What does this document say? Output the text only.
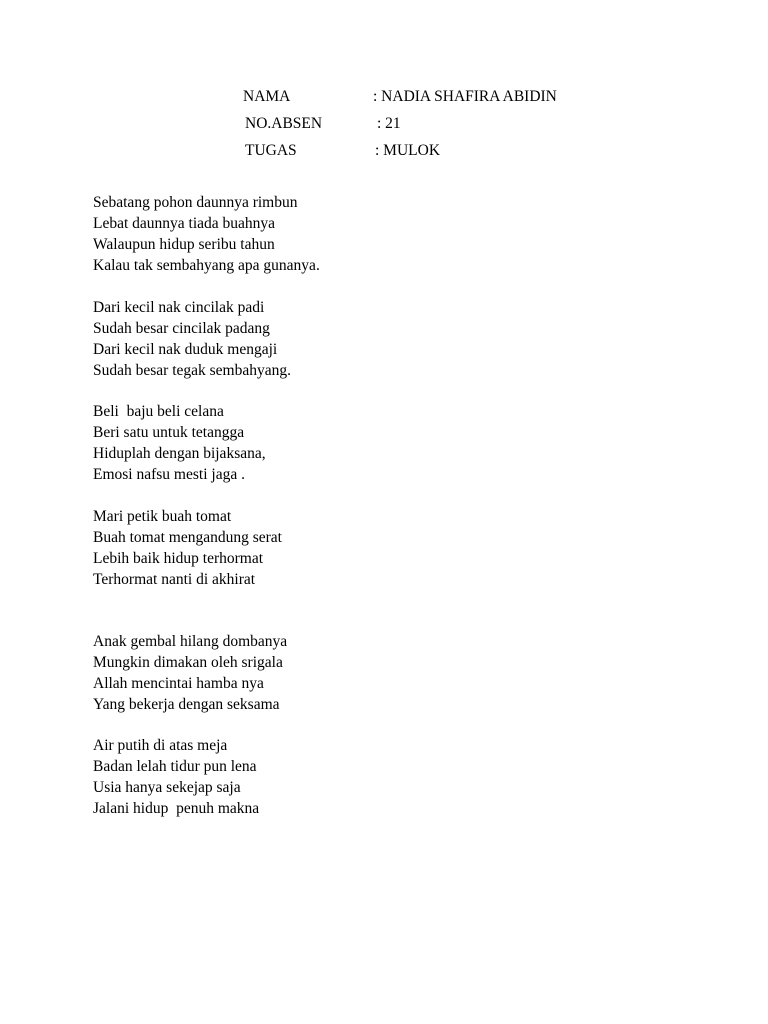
NAMA	: NADIA SHAFIRA ABIDIN
NO.ABSEN	: 21
TUGAS	: MULOK
Sebatang pohon daunnya rimbun
Lebat daunnya tiada buahnya
Walaupun hidup seribu tahun
Kalau tak sembahyang apa gunanya.
Dari kecil nak cincilak padi
Sudah besar cincilak padang
Dari kecil nak duduk mengaji
Sudah besar tegak sembahyang.
Beli  baju beli celana
Beri satu untuk tetangga
Hiduplah dengan bijaksana,
Emosi nafsu mesti jaga .
Mari petik buah tomat
Buah tomat mengandung serat
Lebih baik hidup terhormat
Terhormat nanti di akhirat
Anak gembal hilang dombanya
Mungkin dimakan oleh srigala
Allah mencintai hamba nya
Yang bekerja dengan seksama
Air putih di atas meja
Badan lelah tidur pun lena
Usia hanya sekejap saja
Jalani hidup  penuh makna
